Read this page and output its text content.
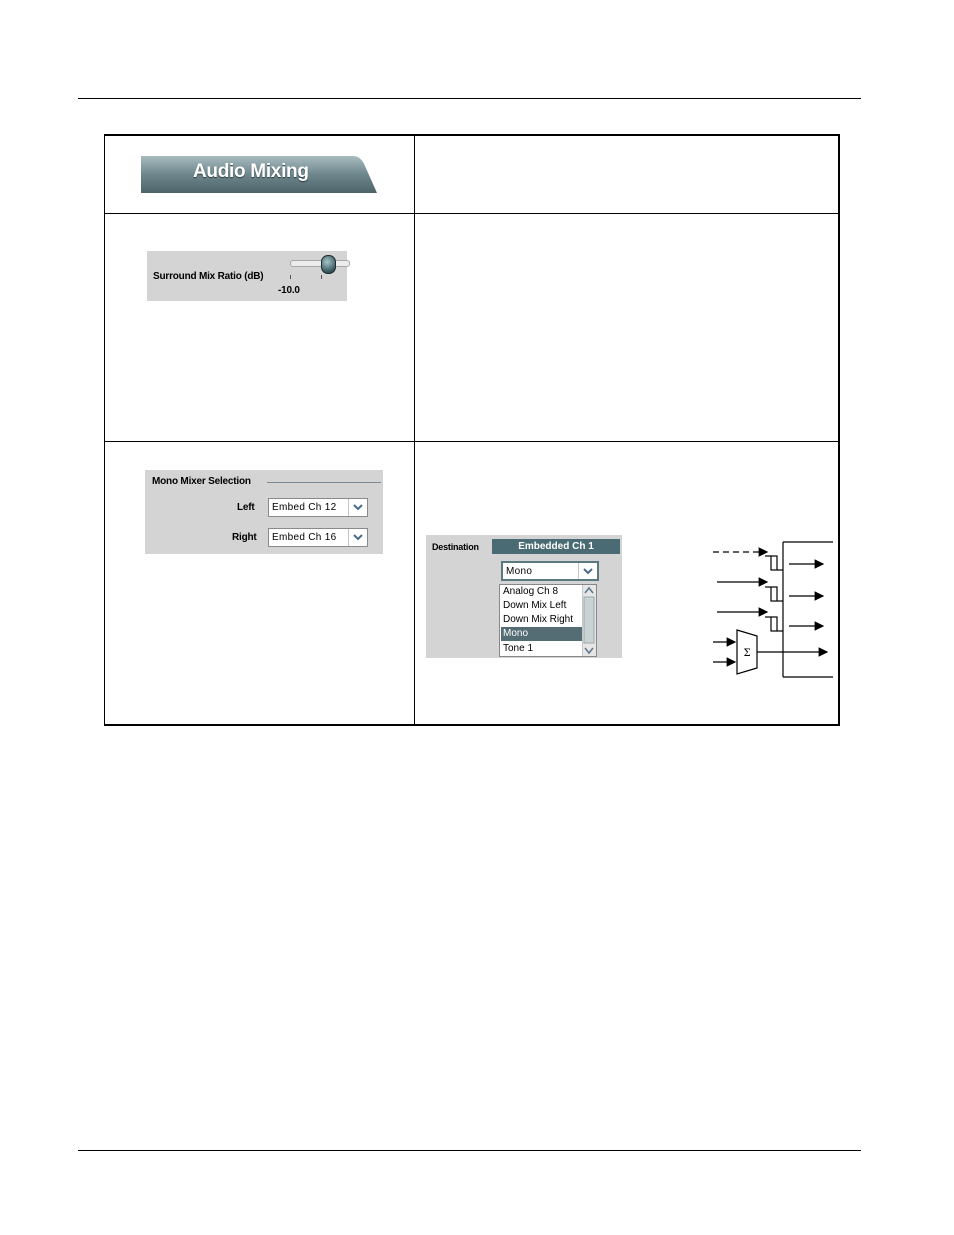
Audio Mixing
Surround Mix Ratio (dB)
-10.0
Mono Mixer Selection
Left Embed Ch 12
Right Embed Ch 16
Destination	Embedded Ch 1
Mono
Analog Ch 8
Down Mix Left
Down Mix Right
Mono
Tone 1	Σ
